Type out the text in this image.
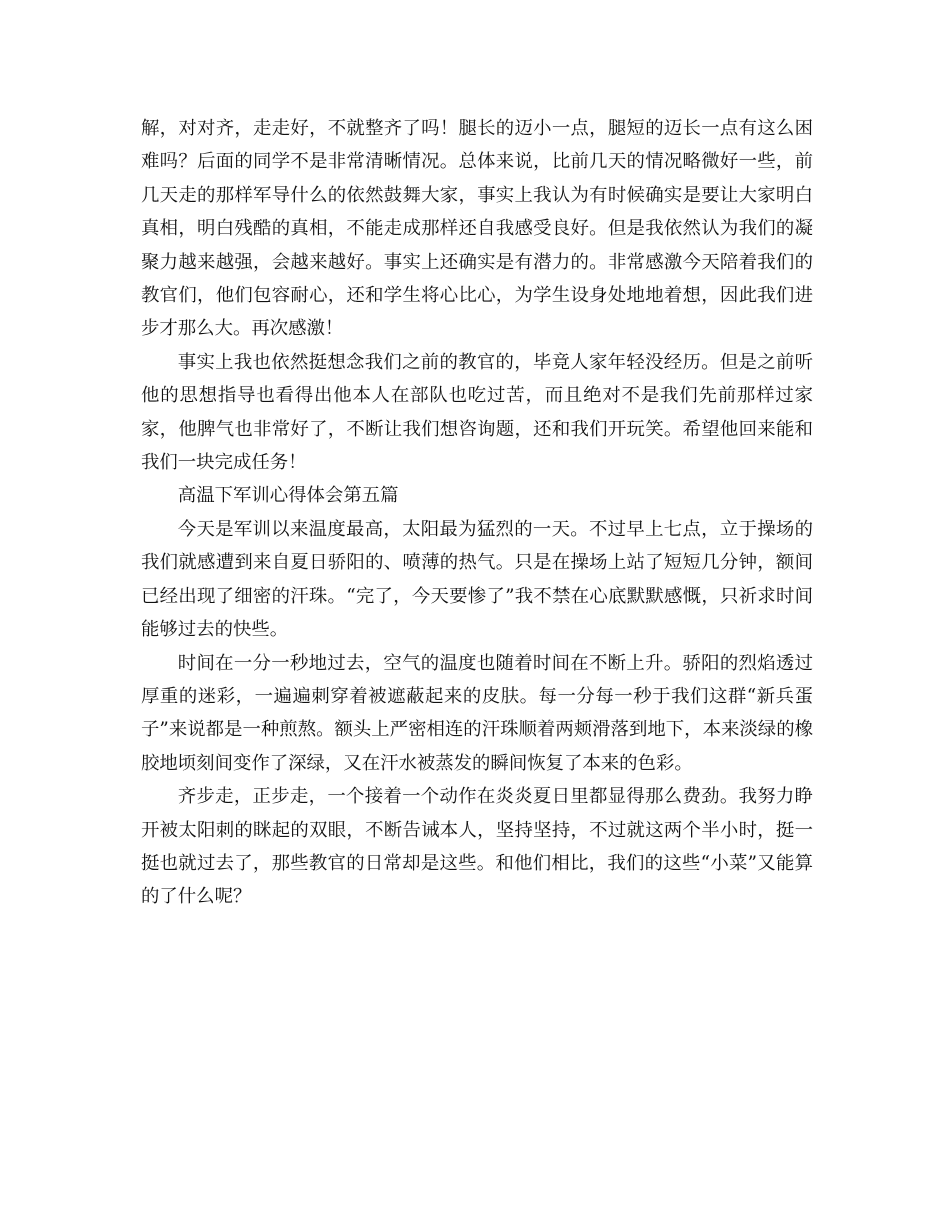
解，对对齐，走走好，不就整齐了吗！腿长的迈小一点，腿短的迈长一点有这么困难吗？后面的同学不是非常清晰情况。总体来说，比前几天的情况略微好一些，前几天走的那样军导什么的依然鼓舞大家，事实上我认为有时候确实是要让大家明白真相，明白残酷的真相，不能走成那样还自我感受良好。但是我依然认为我们的凝聚力越来越强，会越来越好。事实上还确实是有潜力的。非常感激今天陪着我们的教官们，他们包容耐心，还和学生将心比心，为学生设身处地地着想，因此我们进步才那么大。再次感激！

事实上我也依然挺想念我们之前的教官的，毕竟人家年轻没经历。但是之前听他的思想指导也看得出他本人在部队也吃过苦，而且绝对不是我们先前那样过家家，他脾气也非常好了，不断让我们想咨询题，还和我们开玩笑。希望他回来能和我们一块完成任务！

高温下军训心得体会第五篇

今天是军训以来温度最高，太阳最为猛烈的一天。不过早上七点，立于操场的我们就感遭到来自夏日骄阳的、喷薄的热气。只是在操场上站了短短几分钟，额间已经出现了细密的汗珠。“完了，今天要惨了”我不禁在心底默默感慨，只祈求时间能够过去的快些。

时间在一分一秒地过去，空气的温度也随着时间在不断上升。骄阳的烈焰透过厚重的迷彩，一遍遍刺穿着被遮蔽起来的皮肤。每一分每一秒于我们这群“新兵蛋子”来说都是一种煎熬。额头上严密相连的汗珠顺着两颊滑落到地下，本来淡绿的橡胶地顷刻间变作了深绿，又在汗水被蒸发的瞬间恢复了本来的色彩。

齐步走，正步走，一个接着一个动作在炎炎夏日里都显得那么费劲。我努力睁开被太阳刺的眯起的双眼，不断告诫本人，坚持坚持，不过就这两个半小时，挺一挺也就过去了，那些教官的日常却是这些。和他们相比，我们的这些“小菜”又能算的了什么呢？
